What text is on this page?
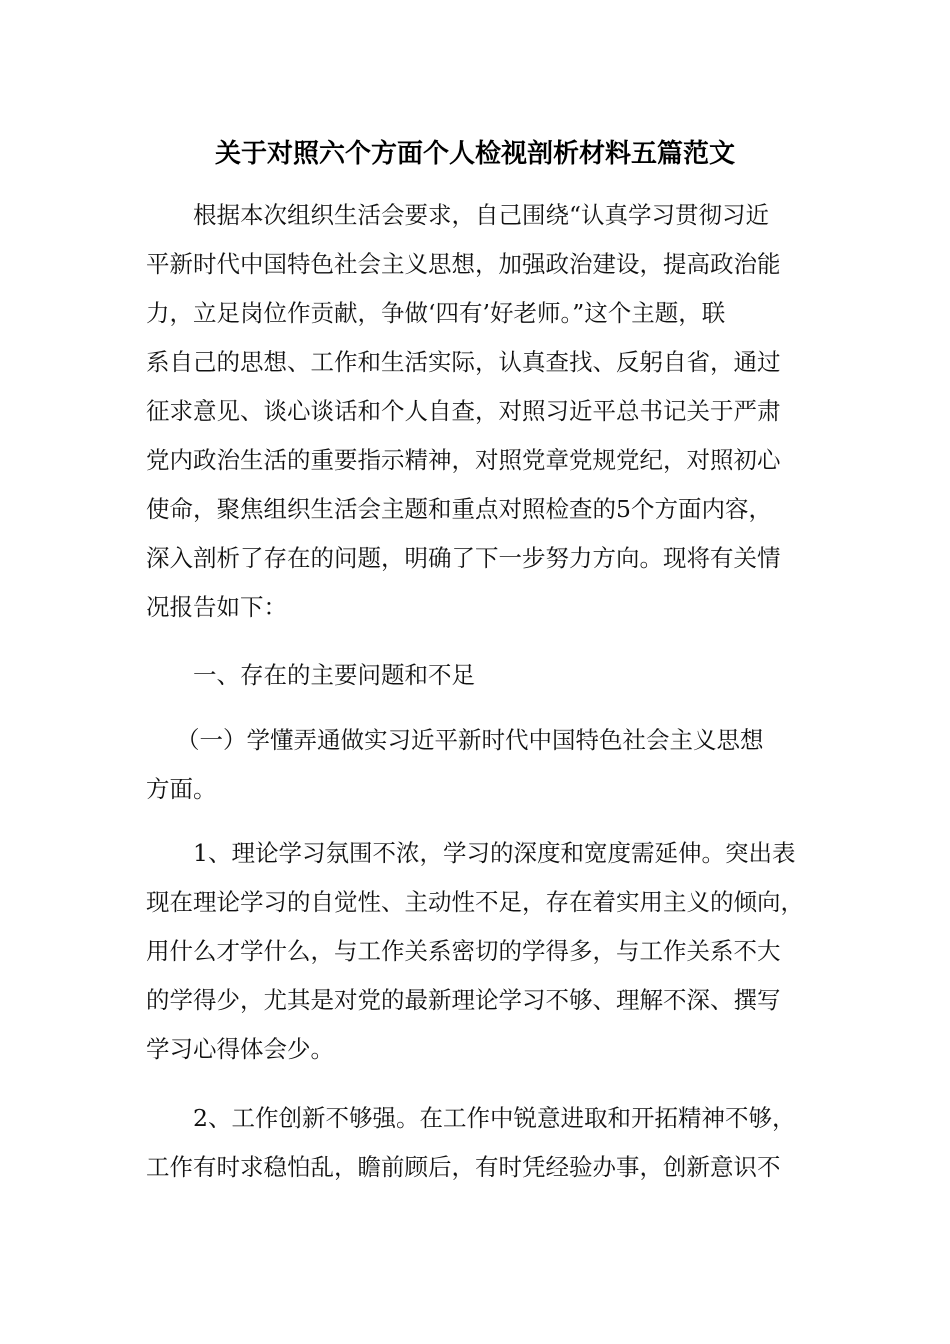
关于对照六个方面个人检视剖析材料五篇范文
根据本次组织生活会要求，自己围绕“认真学习贯彻习近
平新时代中国特色社会主义思想，加强政治建设，提高政治能
力，立足岗位作贡献，争做‘四有’好老师。”这个主题，联
系自己的思想、工作和生活实际，认真查找、反躬自省，通过
征求意见、谈心谈话和个人自查，对照习近平总书记关于严肃
党内政治生活的重要指示精神，对照党章党规党纪，对照初心
使命，聚焦组织生活会主题和重点对照检查的5个方面内容，
深入剖析了存在的问题，明确了下一步努力方向。现将有关情
况报告如下：
一、存在的主要问题和不足
（一）学懂弄通做实习近平新时代中国特色社会主义思想
方面。
1、理论学习氛围不浓，学习的深度和宽度需延伸。突出表
现在理论学习的自觉性、主动性不足，存在着实用主义的倾向，
用什么才学什么，与工作关系密切的学得多，与工作关系不大
的学得少，尤其是对党的最新理论学习不够、理解不深、撰写
学习心得体会少。
2、工作创新不够强。在工作中锐意进取和开拓精神不够，
工作有时求稳怕乱，瞻前顾后，有时凭经验办事，创新意识不
